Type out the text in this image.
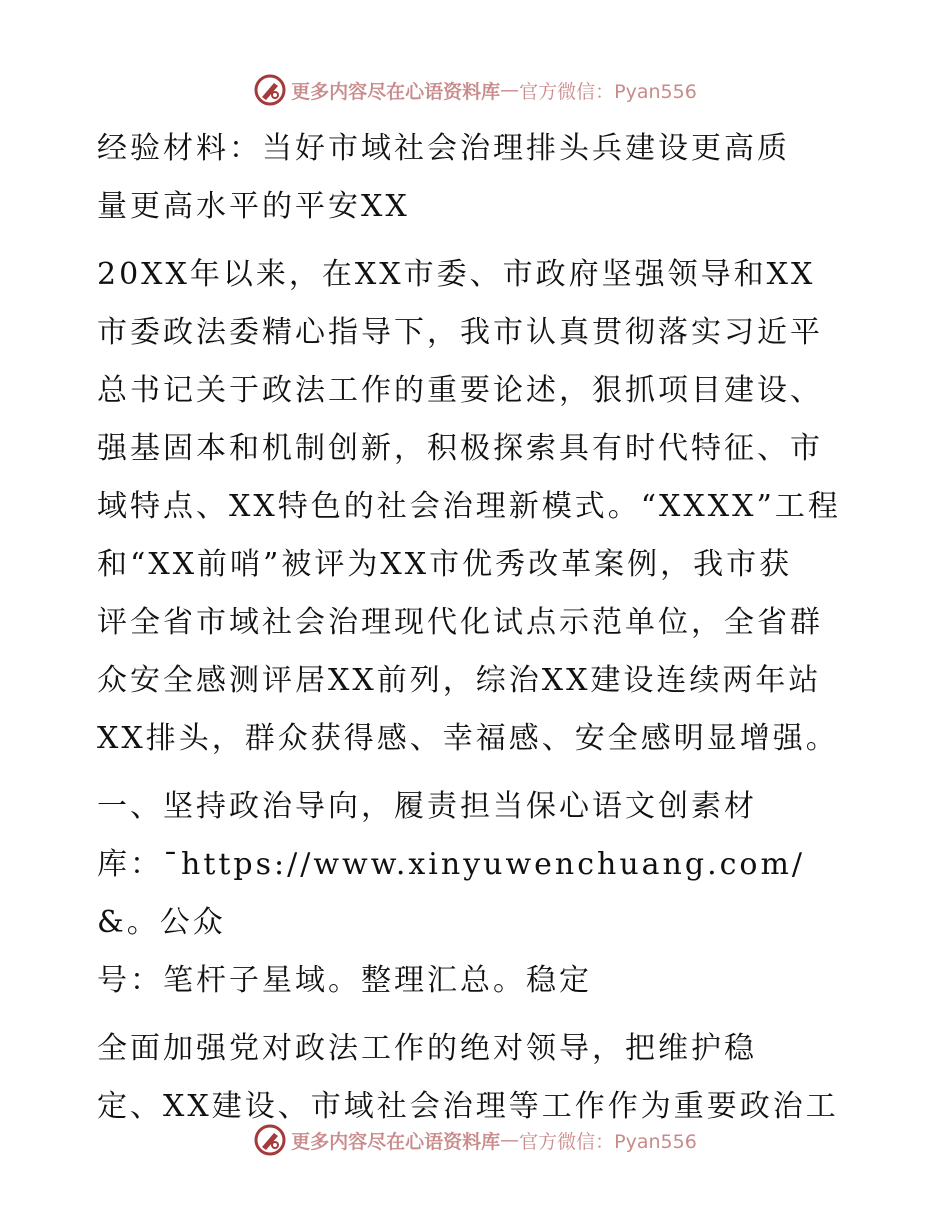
更多内容尽在心语资料库 — 官方微信：Pyan556
经验材料：当好市域社会治理排头兵建设更高质
量更高水平的平安XX
20XX年以来，在XX市委、市政府坚强领导和XX
市委政法委精心指导下，我市认真贯彻落实习近平
总书记关于政法工作的重要论述，狠抓项目建设、
强基固本和机制创新，积极探索具有时代特征、市
域特点、XX特色的社会治理新模式。“XXXX”工程
和“XX前哨”被评为XX市优秀改革案例，我市获
评全省市域社会治理现代化试点示范单位，全省群
众安全感测评居XX前列，综治XX建设连续两年站
XX排头，群众获得感、幸福感、安全感明显增强。
一、坚持政治导向，履责担当保心语文创素材
库：¯https://www.xinyuwenchuang.com/&。公众
号：笔杆子星域。整理汇总。稳定
全面加强党对政法工作的绝对领导，把维护稳
定、XX建设、市域社会治理等工作作为重要政治工
更多内容尽在心语资料库 — 官方微信：Pyan556
